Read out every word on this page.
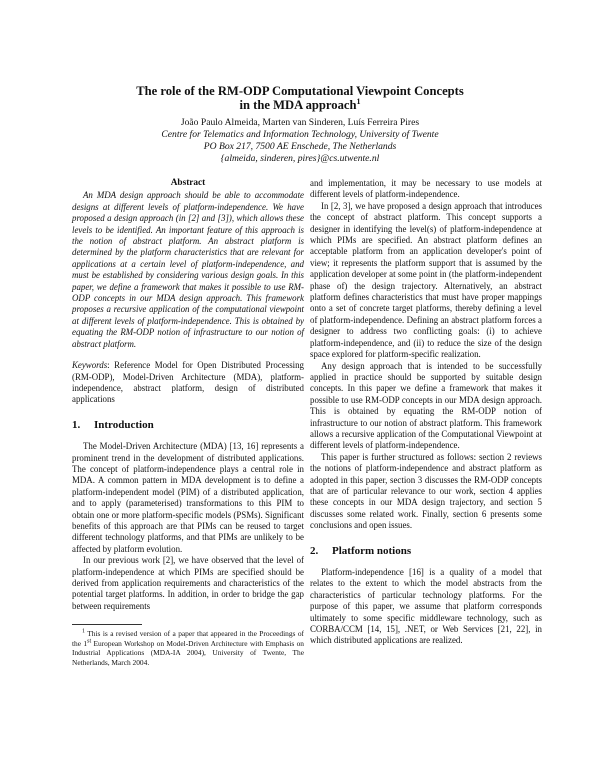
The role of the RM-ODP Computational Viewpoint Concepts
in the MDA approach$^1$
João Paulo Almeida, Marten van Sinderen, Luís Ferreira Pires
Centre for Telematics and Information Technology, University of Twente
PO Box 217, 7500 AE Enschede, The Netherlands
{almeida, sinderen, pires}@cs.utwente.nl
Abstract

An MDA design approach should be able to accommodate designs at different levels of platform-independence. We have proposed a design approach (in [2] and [3]), which allows these levels to be identified. An important feature of this approach is the notion of abstract platform. An abstract platform is determined by the platform characteristics that are relevant for applications at a certain level of platform-independence, and must be established by considering various design goals. In this paper, we define a framework that makes it possible to use RM-ODP concepts in our MDA design approach. This framework proposes a recursive application of the computational viewpoint at different levels of platform-independence. This is obtained by equating the RM-ODP notion of infrastructure to our notion of abstract platform.

Keywords: Reference Model for Open Distributed Processing (RM-ODP), Model-Driven Architecture (MDA), platform-independence, abstract platform, design of distributed applications

1. Introduction

The Model-Driven Architecture (MDA) [13, 16] represents a prominent trend in the development of distributed applications. The concept of platform-independence plays a central role in MDA. A common pattern in MDA development is to define a platform-independent model (PIM) of a distributed application, and to apply (parameterised) transformations to this PIM to obtain one or more platform-specific models (PSMs). Significant benefits of this approach are that PIMs can be reused to target different technology platforms, and that PIMs are unlikely to be affected by platform evolution.

In our previous work [2], we have observed that the level of platform-independence at which PIMs are specified should be derived from application requirements and characteristics of the potential target platforms. In addition, in order to bridge the gap between requirements

$^1$ This is a revised version of a paper that appeared in the Proceedings of the 1st European Workshop on Model-Driven Architecture with Emphasis on Industrial Applications (MDA-IA 2004), University of Twente, The Netherlands, March 2004.

and implementation, it may be necessary to use models at different levels of platform-independence.

In [2, 3], we have proposed a design approach that introduces the concept of abstract platform. This concept supports a designer in identifying the level(s) of platform-independence at which PIMs are specified. An abstract platform defines an acceptable platform from an application developer's point of view; it represents the platform support that is assumed by the application developer at some point in (the platform-independent phase of) the design trajectory. Alternatively, an abstract platform defines characteristics that must have proper mappings onto a set of concrete target platforms, thereby defining a level of platform-independence. Defining an abstract platform forces a designer to address two conflicting goals: (i) to achieve platform-independence, and (ii) to reduce the size of the design space explored for platform-specific realization.

Any design approach that is intended to be successfully applied in practice should be supported by suitable design concepts. In this paper we define a framework that makes it possible to use RM-ODP concepts in our MDA design approach. This is obtained by equating the RM-ODP notion of infrastructure to our notion of abstract platform. This framework allows a recursive application of the Computational Viewpoint at different levels of platform-independence.

This paper is further structured as follows: section 2 reviews the notions of platform-independence and abstract platform as adopted in this paper, section 3 discusses the RM-ODP concepts that are of particular relevance to our work, section 4 applies these concepts in our MDA design trajectory, and section 5 discusses some related work. Finally, section 6 presents some conclusions and open issues.

2. Platform notions

Platform-independence [16] is a quality of a model that relates to the extent to which the model abstracts from the characteristics of particular technology platforms. For the purpose of this paper, we assume that platform corresponds ultimately to some specific middleware technology, such as CORBA/CCM [14, 15], .NET, or Web Services [21, 22], in which distributed applications are realized.
